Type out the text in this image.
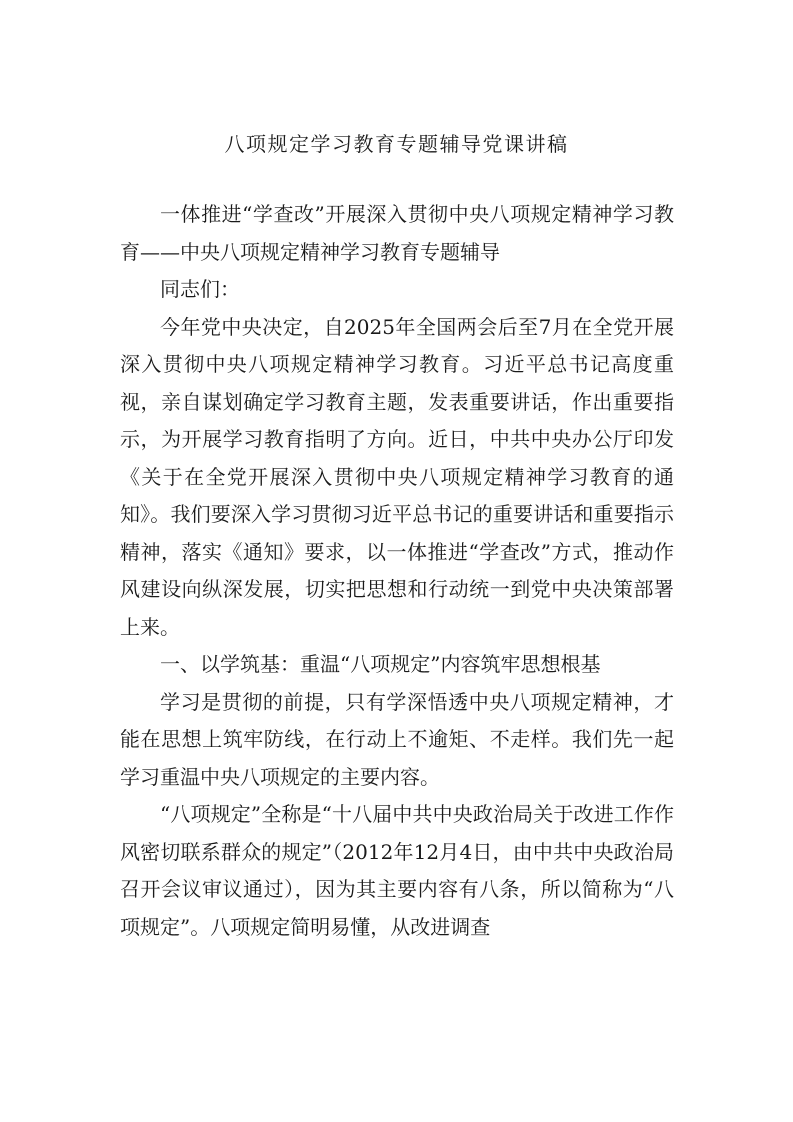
八项规定学习教育专题辅导党课讲稿

一体推进“学查改”开展深入贯彻中央八项规定精神学习教育——中央八项规定精神学习教育专题辅导

同志们：

今年党中央决定，自2025年全国两会后至7月在全党开展深入贯彻中央八项规定精神学习教育。习近平总书记高度重视，亲自谋划确定学习教育主题，发表重要讲话，作出重要指示，为开展学习教育指明了方向。近日，中共中央办公厅印发《关于在全党开展深入贯彻中央八项规定精神学习教育的通知》。我们要深入学习贯彻习近平总书记的重要讲话和重要指示精神，落实《通知》要求，以一体推进“学查改”方式，推动作风建设向纵深发展，切实把思想和行动统一到党中央决策部署上来。

一、以学筑基：重温“八项规定”内容筑牢思想根基

学习是贯彻的前提，只有学深悟透中央八项规定精神，才能在思想上筑牢防线，在行动上不逾矩、不走样。我们先一起学习重温中央八项规定的主要内容。

“八项规定”全称是“十八届中共中央政治局关于改进工作作风密切联系群众的规定”（2012年12月4日，由中共中央政治局召开会议审议通过），因为其主要内容有八条，所以简称为“八项规定”。八项规定简明易懂，从改进调查
